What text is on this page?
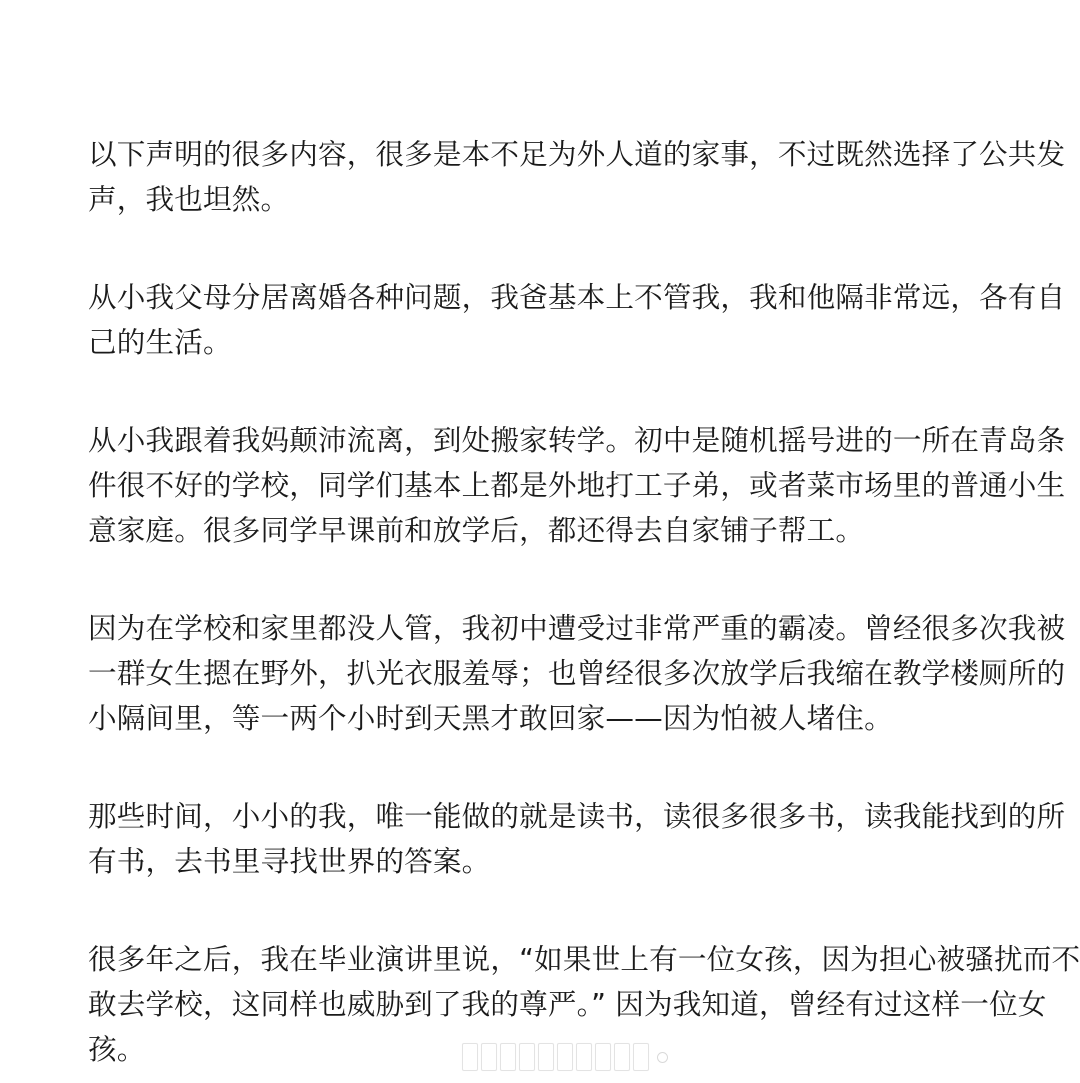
以下声明的很多内容，很多是本不足为外人道的家事，不过既然选择了公共发
声，我也坦然。

从小我父母分居离婚各种问题，我爸基本上不管我，我和他隔非常远，各有自
己的生活。

从小我跟着我妈颠沛流离，到处搬家转学。初中是随机摇号进的一所在青岛条
件很不好的学校，同学们基本上都是外地打工子弟，或者菜市场里的普通小生
意家庭。很多同学早课前和放学后，都还得去自家铺子帮工。

因为在学校和家里都没人管，我初中遭受过非常严重的霸凌。曾经很多次我被
一群女生摁在野外，扒光衣服羞辱；也曾经很多次放学后我缩在教学楼厕所的
小隔间里，等一两个小时到天黑才敢回家——因为怕被人堵住。

那些时间，小小的我，唯一能做的就是读书，读很多很多书，读我能找到的所
有书，去书里寻找世界的答案。

很多年之后，我在毕业演讲里说，“如果世上有一位女孩，因为担心被骚扰而不
敢去学校，这同样也威胁到了我的尊严。” 因为我知道，曾经有过这样一位女
孩。
